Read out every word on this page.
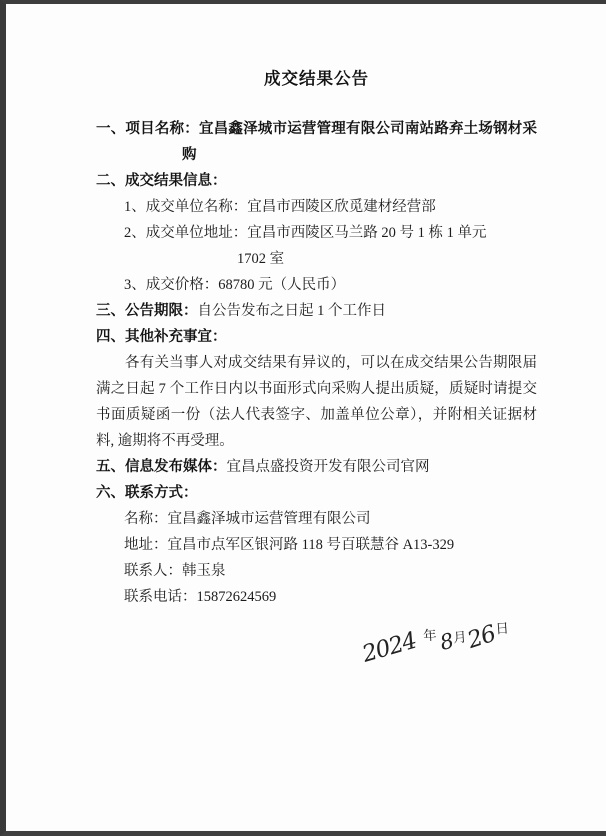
成交结果公告
一、项目名称：宜昌鑫泽城市运营管理有限公司南站路弃土场钢材采
购
二、成交结果信息：
1、成交单位名称：宜昌市西陵区欣觅建材经营部
2、成交单位地址：宜昌市西陵区马兰路 20 号 1 栋 1 单元
1702 室
3、成交价格：68780 元（人民币）
三、公告期限：自公告发布之日起 1 个工作日
四、其他补充事宜：
各有关当事人对成交结果有异议的，可以在成交结果公告期限届
满之日起 7 个工作日内以书面形式向采购人提出质疑，质疑时请提交
书面质疑函一份（法人代表签字、加盖单位公章），并附相关证据材
料, 逾期将不再受理。
五、信息发布媒体：宜昌点盛投资开发有限公司官网
六、联系方式：
名称：宜昌鑫泽城市运营管理有限公司
地址：宜昌市点军区银河路 118 号百联慧谷 A13-329
联系人：韩玉泉
联系电话：15872624569
2024 年8月26日
